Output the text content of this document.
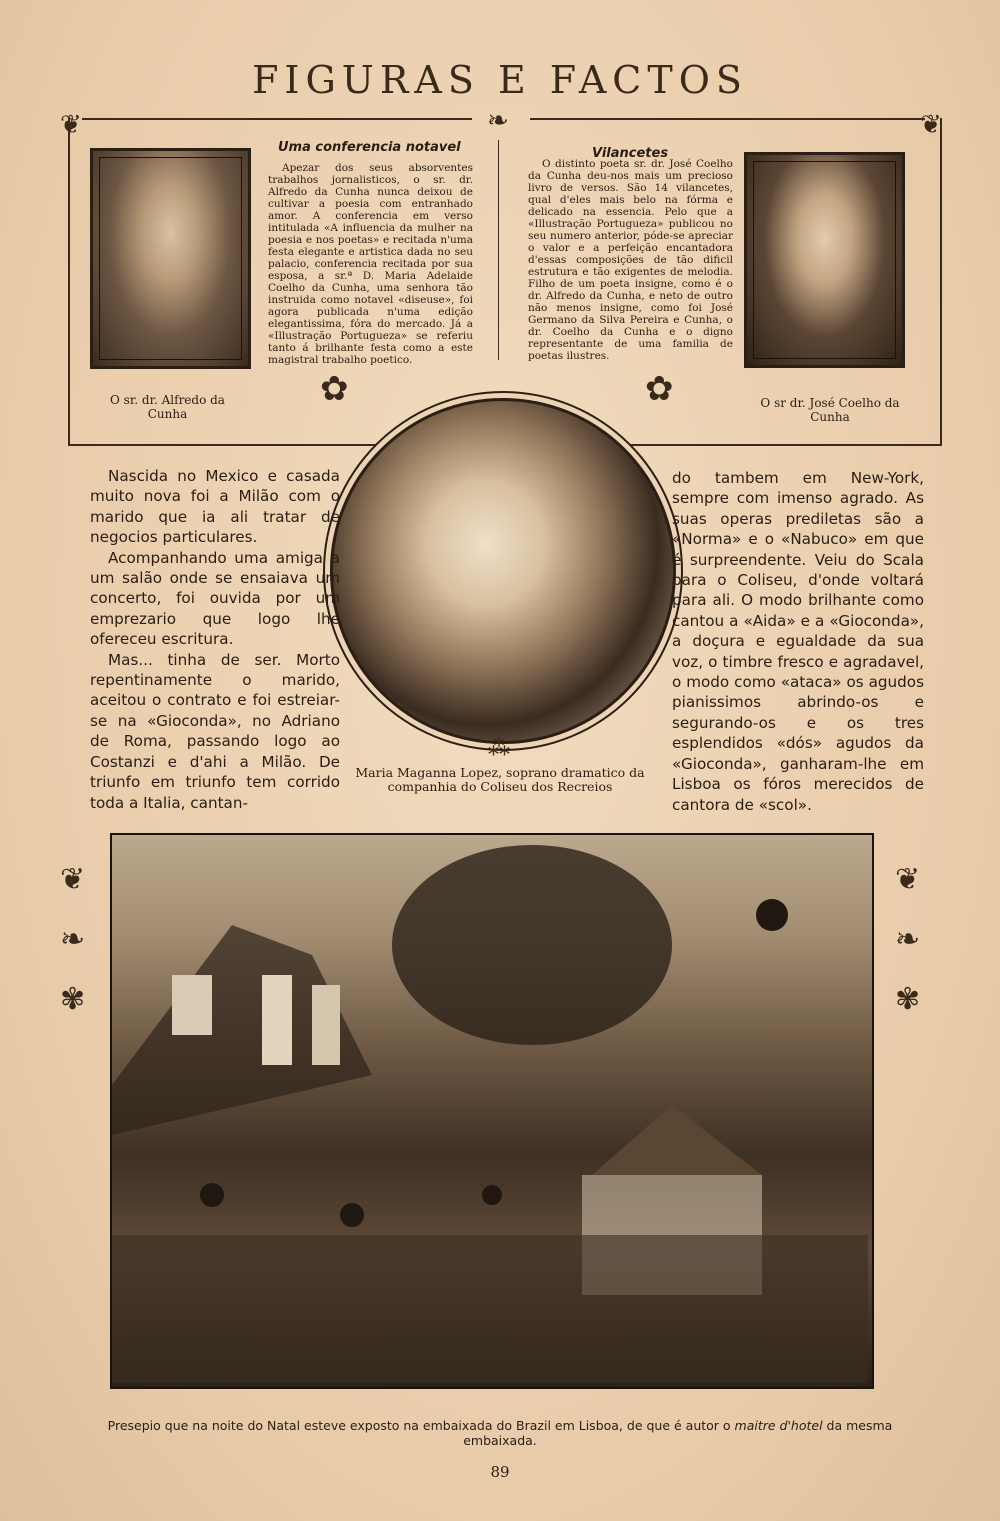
FIGURAS E FACTOS
❦	❦
❧
O sr. dr. Alfredo da Cunha
Uma conferencia notavel

Apezar dos seus absorventes trabalhos jornalisticos, o sr. dr. Alfredo da Cunha nunca deixou de cultivar a poesia com entranhado amor. A conferencia em verso intitulada «A influencia da mulher na poesia e nos poetas» e recitada n'uma festa elegante e artistica dada no seu palacio, conferencia recitada por sua esposa, a sr.ª D. Maria Adelaide Coelho da Cunha, uma senhora tão instruida como notavel «diseuse», foi agora publicada n'uma edição elegantissima, fóra do mercado. Já a «Illustração Portugueza» se referiu tanto á brilhante festa como a este magistral trabalho poetico.

Vilancetes

O distinto poeta sr. dr. José Coelho da Cunha deu-nos mais um precioso livro de versos. São 14 vilancetes, qual d'eles mais belo na fórma e delicado na essencia. Pelo que a «Illustração Portugueza» publicou no seu numero anterior, póde-se apreciar o valor e a perfeição encantadora d'essas composições de tão dificil estrutura e tão exigentes de melodia. Filho de um poeta insigne, como é o dr. Alfredo da Cunha, e neto de outro não menos insigne, como foi José Germano da Silva Pereira e Cunha, o dr. Coelho da Cunha e o digno representante de uma familia de poetas ilustres.

O sr dr. José Coelho da Cunha
✿	✿
⁂
Maria Maganna Lopez, soprano dramatico da companhia do Coliseu dos Recreios

Nascida no Mexico e casada muito nova foi a Milão com o marido que ia ali tratar de negocios particulares.

Acompanhando uma amiga a um salão onde se ensaiava um concerto, foi ouvida por um emprezario que logo lhe ofereceu escritura.

Mas... tinha de ser. Morto repentinamente o marido, aceitou o contrato e foi estreiar-se na «Gioconda», no Adriano de Roma, passando logo ao Costanzi e d'ahi a Milão. De triunfo em triunfo tem corrido toda a Italia, cantan-

do tambem em New-York, sempre com imenso agrado. As suas operas prediletas são a «Norma» e o «Nabuco» em que é surpreendente. Veiu do Scala para o Coliseu, d'onde voltará para ali. O modo brilhante como cantou a «Aida» e a «Gioconda», a doçura e egualdade da sua voz, o timbre fresco e agradavel, o modo como «ataca» os agudos pianissimos abrindo-os e segurando-os e os tres esplendidos «dós» agudos da «Gioconda», ganharam-lhe em Lisboa os fóros merecidos de cantora de «scol».

❦
❧
✾
❦
❧
✾
Presepio que na noite do Natal esteve exposto na embaixada do Brazil em Lisboa, de que é autor o maitre d'hotel da mesma embaixada.
89
